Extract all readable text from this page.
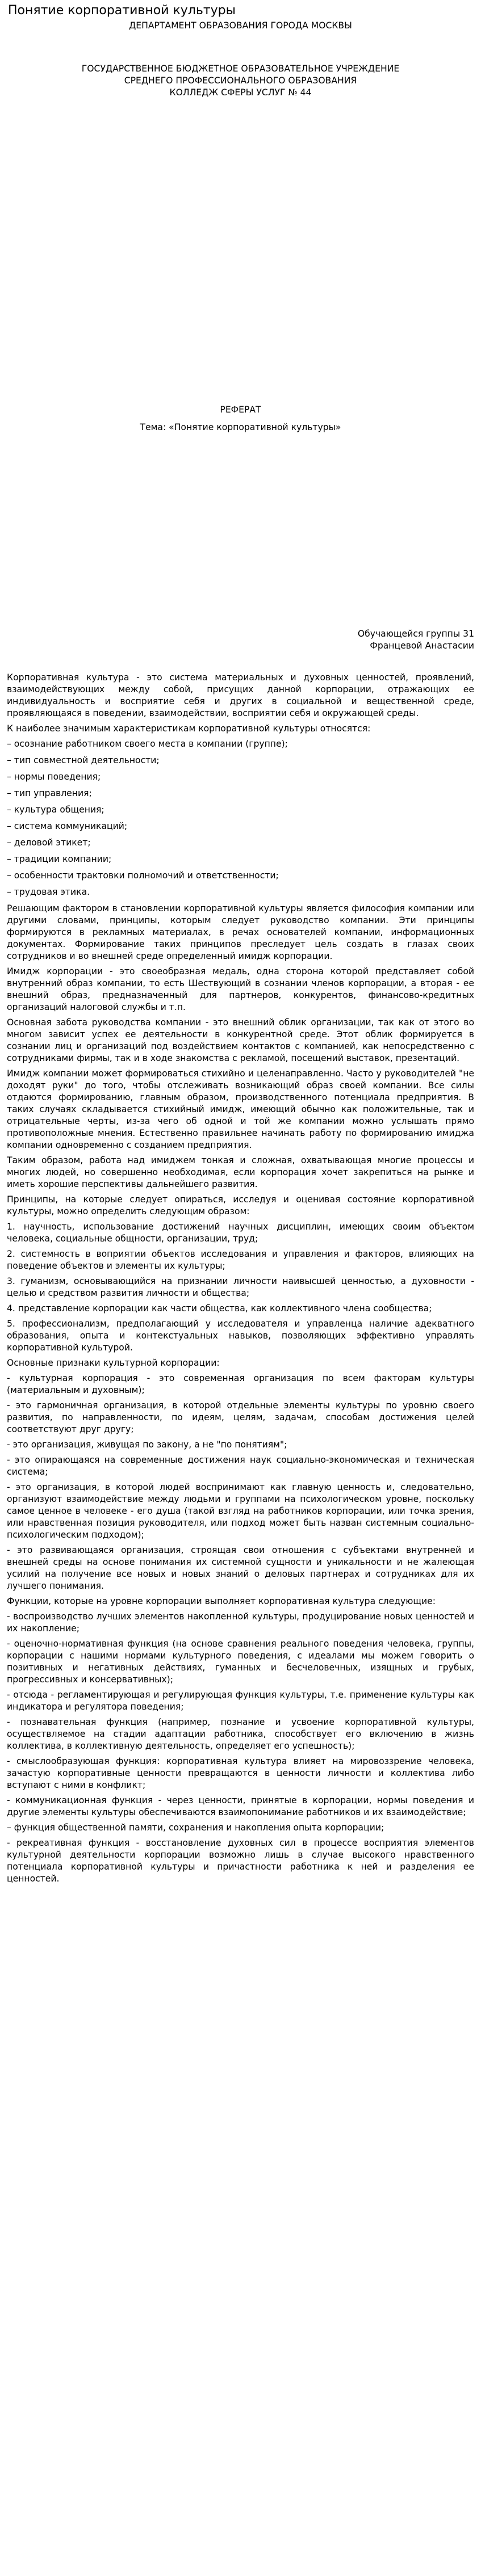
Понятие корпоративной культуры
ДЕПАРТАМЕНТ ОБРАЗОВАНИЯ ГОРОДА МОСКВЫ
ГОСУДАРСТВЕННОЕ БЮДЖЕТНОЕ ОБРАЗОВАТЕЛЬНОЕ УЧРЕЖДЕНИЕ
СРЕДНЕГО ПРОФЕССИОНАЛЬНОГО ОБРАЗОВАНИЯ
КОЛЛЕДЖ СФЕРЫ УСЛУГ № 44
РЕФЕРАТ
Тема: «Понятие корпоративной культуры»
Обучающейся группы 31
Францевой Анастасии

Корпоративная культура - это система материальных и духовных ценностей, проявлений, взаимодействующих между собой, присущих данной корпорации, отражающих ее индивидуальность и восприятие себя и других в социальной и вещественной среде, проявляющаяся в поведении, взаимодействии, восприятии себя и окружающей среды.

К наиболее значимым характеристикам корпоративной культуры относятся:

– осознание работником своего места в компании (группе);
– тип совместной деятельности;
– нормы поведения;
– тип управления;
– культура общения;
– система коммуникаций;
– деловой этикет;
– традиции компании;
– особенности трактовки полномочий и ответственности;
– трудовая этика.

Решающим фактором в становлении корпоративной культуры является философия компании или другими словами, принципы, которым следует руководство компании. Эти принципы формируются в рекламных материалах, в речах основателей компании, информационных документах. Формирование таких принципов преследует цель создать в глазах своих сотрудников и во внешней среде определенный имидж корпорации.

Имидж корпорации - это своеобразная медаль, одна сторона которой представляет собой внутренний образ компании, то есть Шествующий в сознании членов корпорации, а вторая - ее внешний образ, предназначенный для партнеров, конкурентов, финансово-кредитных организаций налоговой службы и т.п.

Основная забота руководства компании - это внешний облик организации, так как от этого во многом зависит успех ее деятельности в конкурентной среде. Этот облик формируется в сознании лиц и организаций под воздействием контактов с компанией, как непосредственно с сотрудниками фирмы, так и в ходе знакомства с рекламой, посещений выставок, презентаций.

Имидж компании может формироваться стихийно и целенаправленно. Часто у руководителей "не доходят руки" до того, чтобы отслеживать возникающий образ своей компании. Все силы отдаются формированию, главным образом, производственного потенциала предприятия. В таких случаях складывается стихийный имидж, имеющий обычно как положительные, так и отрицательные черты, из-за чего об одной и той же компании можно услышать прямо противоположные мнения. Естественно правильнее начинать работу по формированию имиджа компании одновременно с созданием предприятия.

Таким образом, работа над имиджем тонкая и сложная, охватывающая многие процессы и многих людей, но совершенно необходимая, если корпорация хочет закрепиться на рынке и иметь хорошие перспективы дальнейшего развития.

Принципы, на которые следует опираться, исследуя и оценивая состояние корпоративной культуры, можно определить следующим образом:

1. научность, использование достижений научных дисциплин, имеющих своим объектом человека, социальные общности, организации, труд;

2. системность в воприятии объектов исследования и управления и факторов, влияющих на поведение объектов и элементы их культуры;

3. гуманизм, основывающийся на признании личности наивысшей ценностью, а духовности - целью и средством развития личности и общества;

4. представление корпорации как части общества, как коллективного члена сообщества;

5. профессионализм, предполагающий у исследователя и управленца наличие адекватного образования, опыта и контекстуальных навыков, позволяющих эффективно управлять корпоративной культурой.

Основные признаки культурной корпорации:

- культурная корпорация - это современная организация по всем факторам культуры (материальным и духовным);

- это гармоничная организация, в которой отдельные элементы культуры по уровню своего развития, по направленности, по идеям, целям, задачам, способам достижения целей соответствуют друг другу;

- это организация, живущая по закону, а не "по понятиям";

- это опирающаяся на современные достижения наук социально-экономическая и техническая система;

- это организация, в которой людей воспринимают как главную ценность и, следовательно, организуют взаимодействие между людьми и группами на психологическом уровне, поскольку самое ценное в человеке - его душа (такой взгляд на работников корпорации, или точка зрения, или нравственная позиция руководителя, или подход может быть назван системным социально-психологическим подходом);

- это развивающаяся организация, строящая свои отношения с субъектами внутренней и внешней среды на основе понимания их системной сущности и уникальности и не жалеющая усилий на получение все новых и новых знаний о деловых партнерах и сотрудниках для их лучшего понимания.

Функции, которые на уровне корпорации выполняет корпоративная культура следующие:

- воспроизводство лучших элементов накопленной культуры, продуцирование новых ценностей и их накопление;

- оценочно-нормативная функция (на основе сравнения реального поведения человека, группы, корпорации с нашими нормами культурного поведения, с идеалами мы можем говорить о позитивных и негативных действиях, гуманных и бесчеловечных, изящных и грубых, прогрессивных и консервативных);

- отсюда - регламентирующая и регулирующая функция культуры, т.е. применение культуры как индикатора и регулятора поведения;

- познавательная функция (например, познание и усвоение корпоративной культуры, осуществляемое на стадии адаптации работника, способствует его включению в жизнь коллектива, в коллективную деятельность, определяет его успешность);

- смыслообразующая функция: корпоративная культура влияет на мировоззрение человека, зачастую корпоративные ценности превращаются в ценности личности и коллектива либо вступают с ними в конфликт;

- коммуникационная функция - через ценности, принятые в корпорации, нормы поведения и другие элементы культуры обеспечиваются взаимопонимание работников и их взаимодействие;

– функция общественной памяти, сохранения и накопления опыта корпорации;

- рекреативная функция - восстановление духовных сил в процессе восприятия элементов культурной деятельности корпорации возможно лишь в случае высокого нравственного потенциала корпоративной культуры и причастности работника к ней и разделения ее ценностей.
